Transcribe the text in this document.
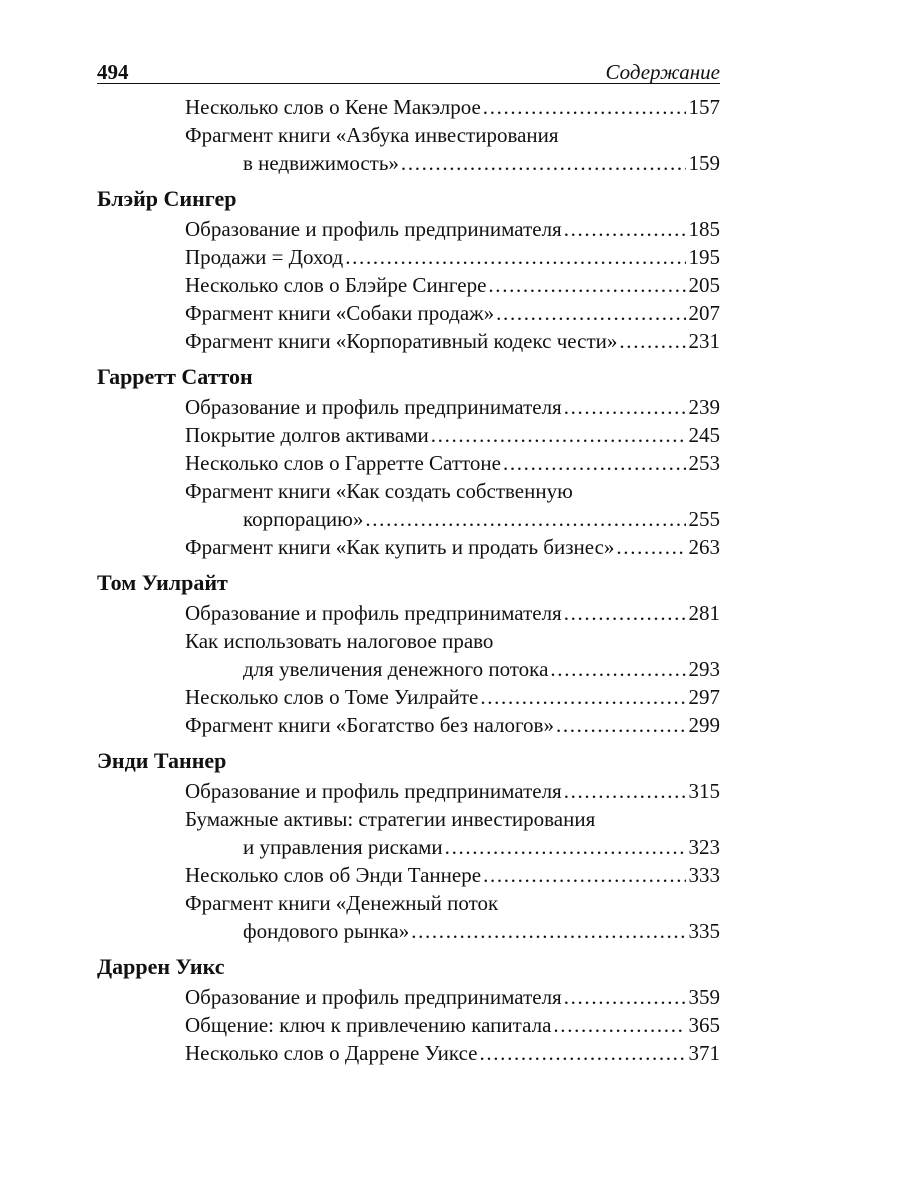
494	Содержание
Несколько слов о Кене Макэлрое . . .	157
Фрагмент книги «Азбука инвестирования
в недвижимость» . . .	159
Блэйр Сингер
Образование и профиль предпринимателя . . .	185
Продажи = Доход . . .	195
Несколько слов о Блэйре Сингере . . .	205
Фрагмент книги «Собаки продаж» . . .	207
Фрагмент книги «Корпоративный кодекс чести» . . .	231
Гарретт Саттон
Образование и профиль предпринимателя . . .	239
Покрытие долгов активами . . .	245
Несколько слов о Гарретте Саттоне . . .	253
Фрагмент книги «Как создать собственную
корпорацию» . . .	255
Фрагмент книги «Как купить и продать бизнес» . . .	263
Том Уилрайт
Образование и профиль предпринимателя . . .	281
Как использовать налоговое право
для увеличения денежного потока . . .	293
Несколько слов о Томе Уилрайте . . .	297
Фрагмент книги «Богатство без налогов» . . .	299
Энди Таннер
Образование и профиль предпринимателя . . .	315
Бумажные активы: стратегии инвестирования
и управления рисками . . .	323
Несколько слов об Энди Таннере . . .	333
Фрагмент книги «Денежный поток
фондового рынка» . . .	335
Даррен Уикс
Образование и профиль предпринимателя . . .	359
Общение: ключ к привлечению капитала . . .	365
Несколько слов о Даррене Уиксе . . .	371
